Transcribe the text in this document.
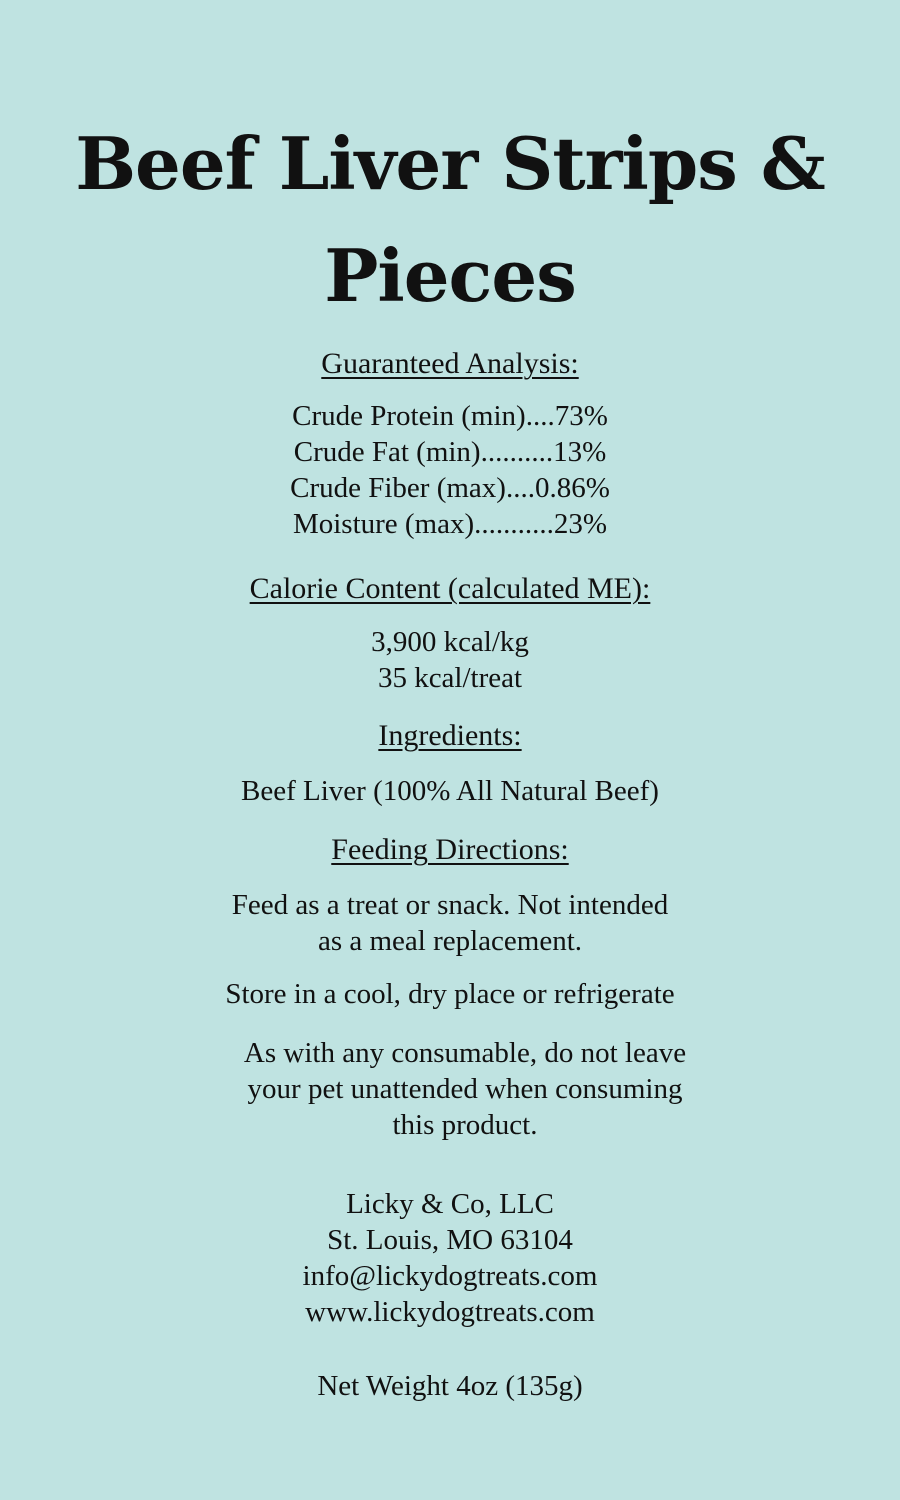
Beef Liver Strips & Pieces
Guaranteed Analysis:
Crude Protein (min)....73%
Crude Fat (min)..........13%
Crude Fiber (max)....0.86%
Moisture (max)...........23%
Calorie Content (calculated ME):
3,900 kcal/kg
35 kcal/treat
Ingredients:
Beef Liver (100% All Natural Beef)
Feeding Directions:
Feed as a treat or snack. Not intended
as a meal replacement.
Store in a cool, dry place or refrigerate
As with any consumable, do not leave
your pet unattended when consuming
this product.
Licky & Co, LLC
St. Louis, MO 63104
info@lickydogtreats.com
www.lickydogtreats.com
Net Weight 4oz (135g)
